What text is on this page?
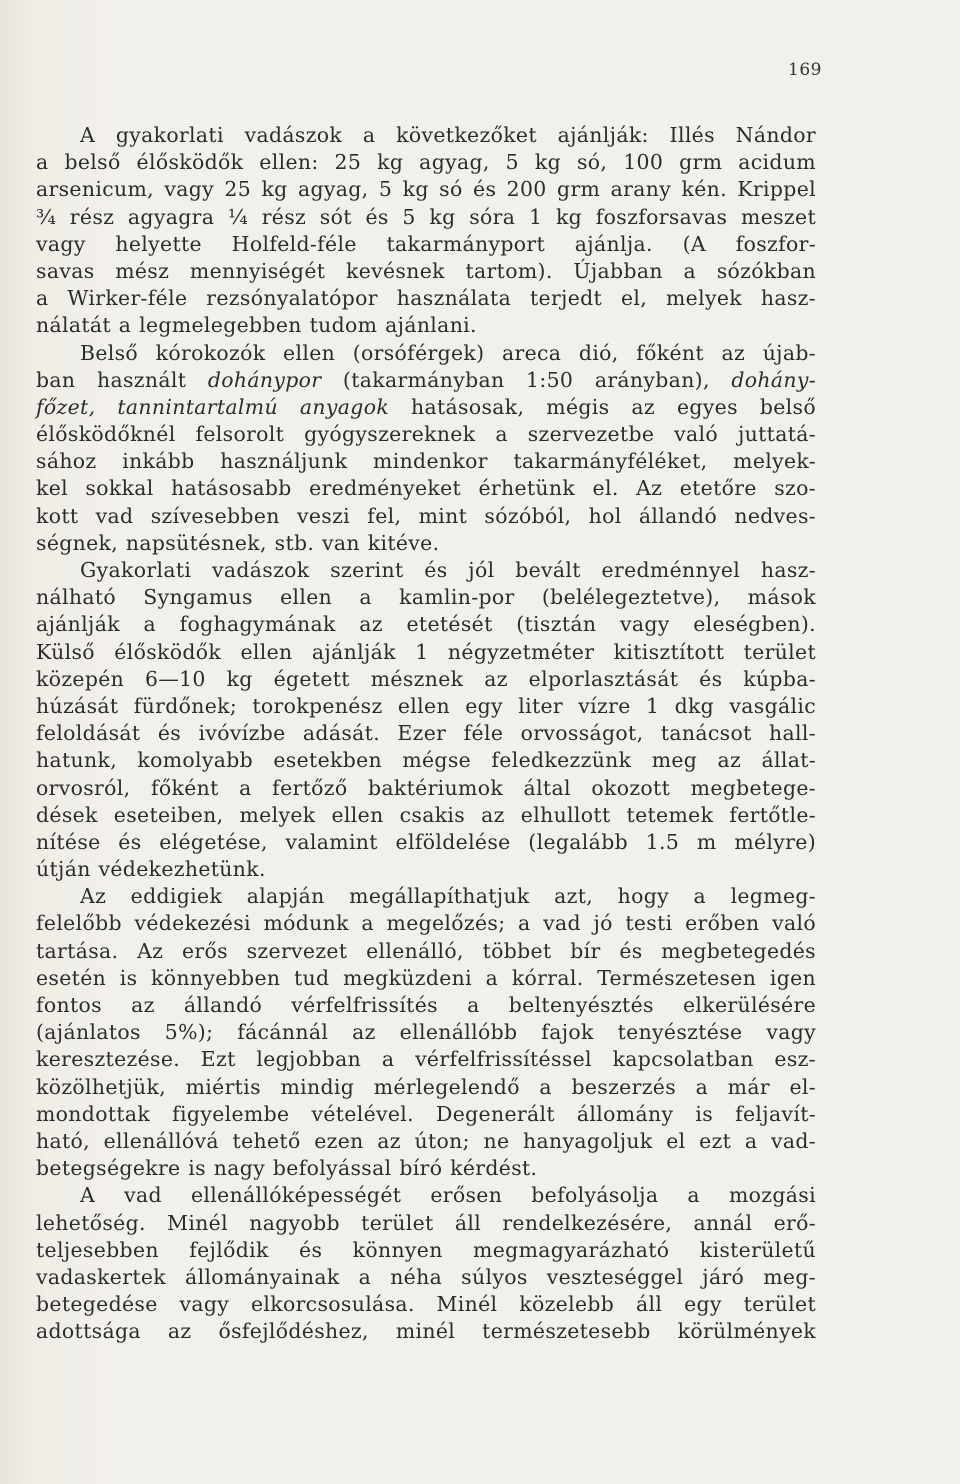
169
A gyakorlati vadászok a következőket ajánlják: Illés Nándor
a belső élősködők ellen: 25 kg agyag, 5 kg só, 100 grm acidum
arsenicum, vagy 25 kg agyag, 5 kg só és 200 grm arany kén. Krippel
¾ rész agyagra ¼ rész sót és 5 kg sóra 1 kg foszforsavas meszet
vagy helyette Holfeld-féle takarmányport ajánlja. (A foszfor-
savas mész mennyiségét kevésnek tartom). Újabban a sózókban
a Wirker-féle rezsónyalatópor használata terjedt el, melyek hasz-
nálatát a legmelegebben tudom ajánlani.
Belső kórokozók ellen (orsóférgek) areca dió, főként az újab-
ban használt dohánypor (takarmányban 1:50 arányban), dohány-
főzet, tannintartalmú anyagok hatásosak, mégis az egyes belső
élősködőknél felsorolt gyógyszereknek a szervezetbe való juttatá-
sához inkább használjunk mindenkor takarmányféléket, melyek-
kel sokkal hatásosabb eredményeket érhetünk el. Az etetőre szo-
kott vad szívesebben veszi fel, mint sózóból, hol állandó nedves-
ségnek, napsütésnek, stb. van kitéve.
Gyakorlati vadászok szerint és jól bevált eredménnyel hasz-
nálható Syngamus ellen a kamlin-por (belélegeztetve), mások
ajánlják a foghagymának az etetését (tisztán vagy eleségben).
Külső élősködők ellen ajánlják 1 négyzetméter kitisztított terület
közepén 6—10 kg égetett mésznek az elporlasztását és kúpba-
húzását fürdőnek; torokpenész ellen egy liter vízre 1 dkg vasgálic
feloldását és ivóvízbe adását. Ezer féle orvosságot, tanácsot hall-
hatunk, komolyabb esetekben mégse feledkezzünk meg az állat-
orvosról, főként a fertőző baktériumok által okozott megbetege-
dések eseteiben, melyek ellen csakis az elhullott tetemek fertőtle-
nítése és elégetése, valamint elföldelése (legalább 1.5 m mélyre)
útján védekezhetünk.
Az eddigiek alapján megállapíthatjuk azt, hogy a legmeg-
felelőbb védekezési módunk a megelőzés; a vad jó testi erőben való
tartása. Az erős szervezet ellenálló, többet bír és megbetegedés
esetén is könnyebben tud megküzdeni a kórral. Természetesen igen
fontos az állandó vérfelfrissítés a beltenyésztés elkerülésére
(ajánlatos 5%); fácánnál az ellenállóbb fajok tenyésztése vagy
keresztezése. Ezt legjobban a vérfelfrissítéssel kapcsolatban esz-
közölhetjük, miértis mindig mérlegelendő a beszerzés a már el-
mondottak figyelembe vételével. Degenerált állomány is feljavít-
ható, ellenállóvá tehető ezen az úton; ne hanyagoljuk el ezt a vad-
betegségekre is nagy befolyással bíró kérdést.
A vad ellenállóképességét erősen befolyásolja a mozgási
lehetőség. Minél nagyobb terület áll rendelkezésére, annál erő-
teljesebben fejlődik és könnyen megmagyarázható kisterületű
vadaskertek állományainak a néha súlyos veszteséggel járó meg-
betegedése vagy elkorcsosulása. Minél közelebb áll egy terület
adottsága az ősfejlődéshez, minél természetesebb körülmények
